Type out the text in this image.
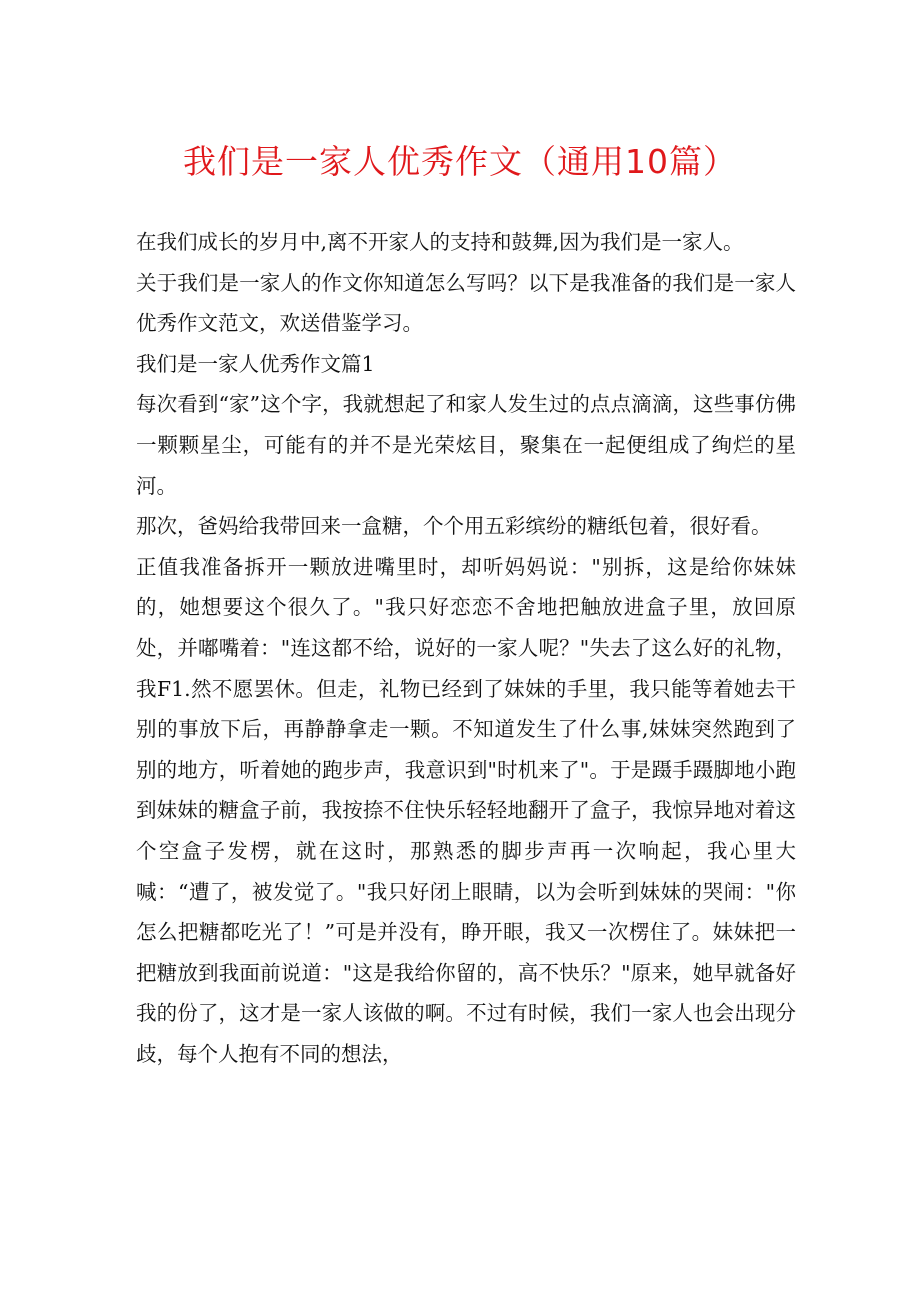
我们是一家人优秀作文（通用10篇）

在我们成长的岁月中,离不开家人的支持和鼓舞,因为我们是一家人。

关于我们是一家人的作文你知道怎么写吗？以下是我准备的我们是一家人优秀作文范文，欢送借鉴学习。

我们是一家人优秀作文篇1

每次看到“家”这个字，我就想起了和家人发生过的点点滴滴，这些事仿佛一颗颗星尘，可能有的并不是光荣炫目，聚集在一起便组成了绚烂的星河。

那次，爸妈给我带回来一盒糖，个个用五彩缤纷的糖纸包着，很好看。

正值我准备拆开一颗放进嘴里时，却听妈妈说："别拆，这是给你妹妹的，她想要这个很久了。"我只好恋恋不舍地把触放进盒子里，放回原处，并嘟嘴着："连这都不给，说好的一家人呢？"失去了这么好的礼物，我F1.然不愿罢休。但走，礼物已经到了妹妹的手里，我只能等着她去干别的事放下后，再静静拿走一颗。不知道发生了什么事,妹妹突然跑到了别的地方，听着她的跑步声，我意识到"时机来了"。于是蹑手蹑脚地小跑到妹妹的糖盒子前，我按捺不住快乐轻轻地翻开了盒子，我惊异地对着这个空盒子发楞，就在这时，那熟悉的脚步声再一次响起，我心里大喊：“遭了，被发觉了。"我只好闭上眼睛，以为会听到妹妹的哭闹："你怎么把糖都吃光了！”可是并没有，睁开眼，我又一次楞住了。妹妹把一把糖放到我面前说道："这是我给你留的，高不快乐？"原来，她早就备好我的份了，这才是一家人该做的啊。不过有时候，我们一家人也会出现分歧，每个人抱有不同的想法，
